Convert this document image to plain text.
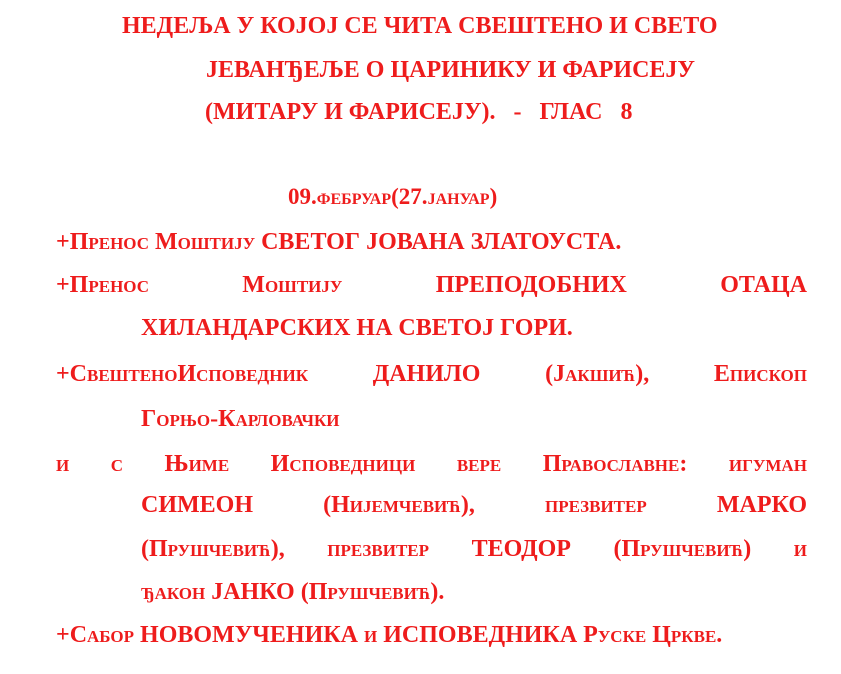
НЕДЕЉА У КОЈОЈ СЕ ЧИТА СВЕШТЕНО И СВЕТО
ЈЕВАНЂЕЉЕ О ЦАРИНИКУ И ФАРИСЕЈУ
(МИТАРУ И ФАРИСЕЈУ).   -   ГЛАС   8
09.фебруар(27.јануар)
+Пренос Моштију СВЕТОГ ЈОВАНА ЗЛАТОУСТА.
+Пренос	Моштију	ПРЕПОДОБНИХ	ОТАЦА
ХИЛАНДАРСКИХ НА СВЕТОЈ ГОРИ.
+СвештеноИсповедник	ДАНИЛО	(Јакшић),	Епископ
Горњо-Карловачки
и с Њиме Исповедници вере Православне: игуман
СИМЕОН	(Нијемчевић),	презвитер	МАРКО
(Прушчевић), презвитер ТЕОДОР (Прушчевић) и
ђакон ЈАНКО (Прушчевић).
+Сабор НОВОМУЧЕНИКА и ИСПОВЕДНИКА Руске Цркве.
